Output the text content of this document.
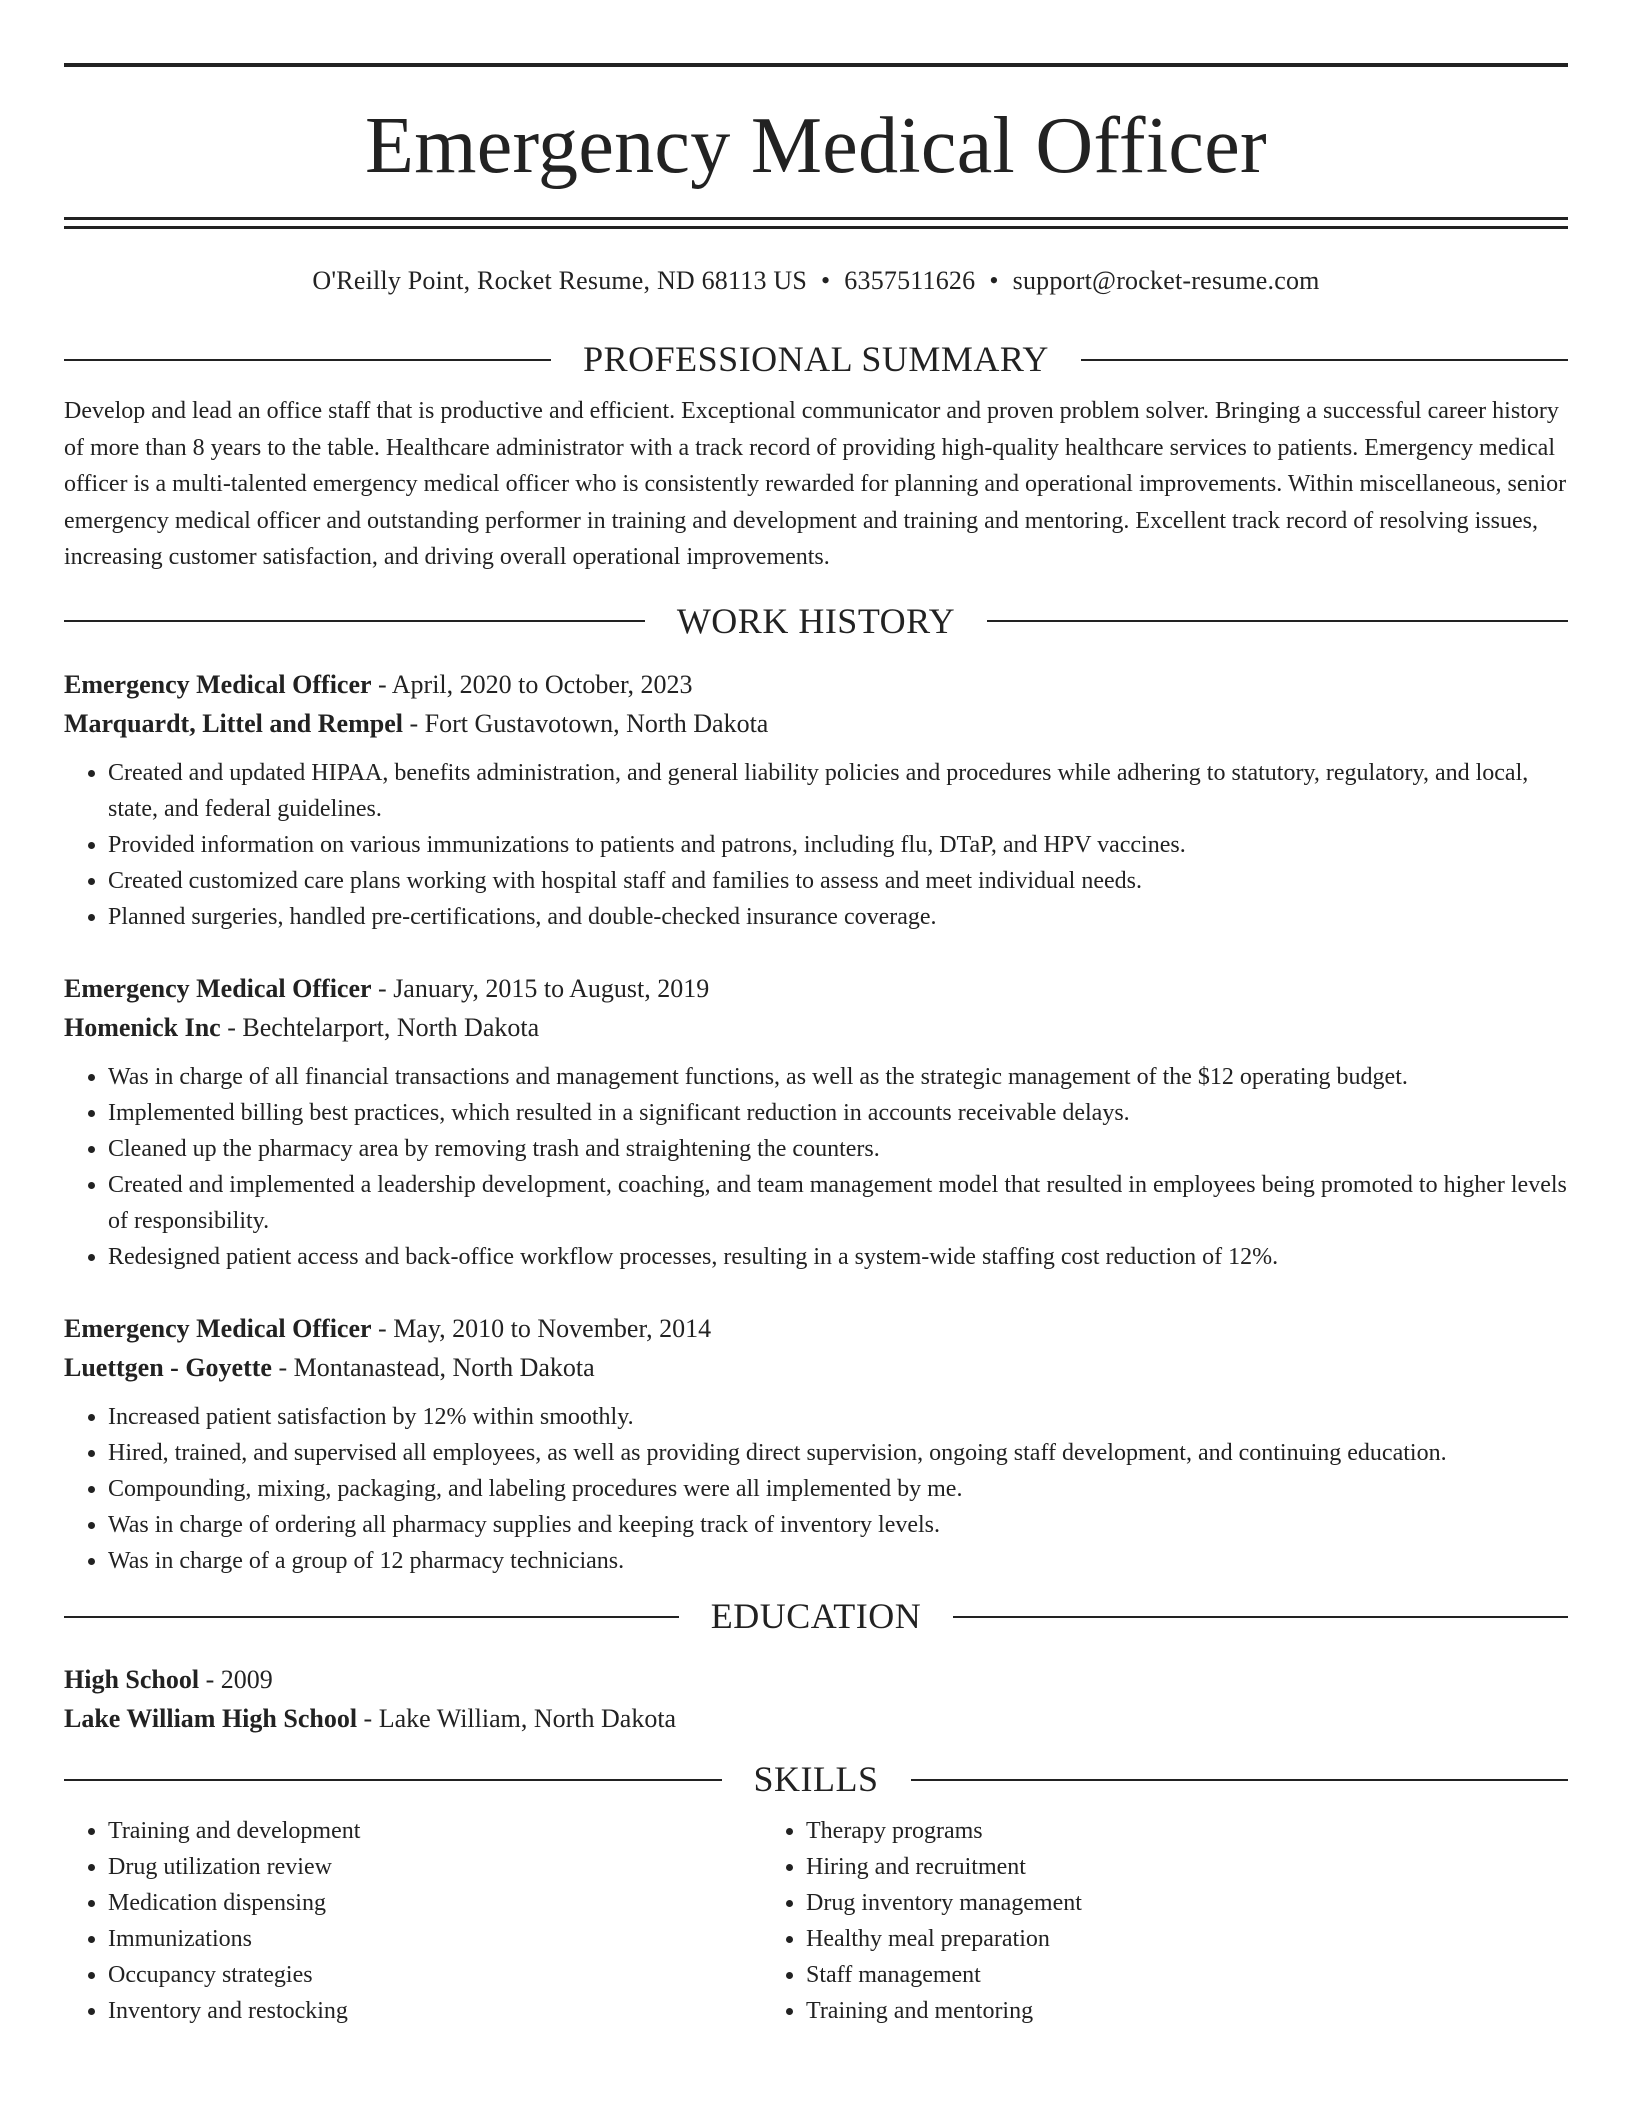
Emergency Medical Officer
O'Reilly Point, Rocket Resume, ND 68113 US • 6357511626 • support@rocket-resume.com
PROFESSIONAL SUMMARY

Develop and lead an office staff that is productive and efficient. Exceptional communicator and proven problem solver. Bringing a successful career history of more than 8 years to the table. Healthcare administrator with a track record of providing high-quality healthcare services to patients. Emergency medical officer is a multi-talented emergency medical officer who is consistently rewarded for planning and operational improvements. Within miscellaneous, senior emergency medical officer and outstanding performer in training and development and training and mentoring. Excellent track record of resolving issues, increasing customer satisfaction, and driving overall operational improvements.

WORK HISTORY
Emergency Medical Officer - April, 2020 to October, 2023
Marquardt, Littel and Rempel - Fort Gustavotown, North Dakota
• Created and updated HIPAA, benefits administration, and general liability policies and procedures while adhering to statutory, regulatory, and local, state, and federal guidelines.
• Provided information on various immunizations to patients and patrons, including flu, DTaP, and HPV vaccines.
• Created customized care plans working with hospital staff and families to assess and meet individual needs.
• Planned surgeries, handled pre-certifications, and double-checked insurance coverage.
Emergency Medical Officer - January, 2015 to August, 2019
Homenick Inc - Bechtelarport, North Dakota
• Was in charge of all financial transactions and management functions, as well as the strategic management of the $12 operating budget.
• Implemented billing best practices, which resulted in a significant reduction in accounts receivable delays.
• Cleaned up the pharmacy area by removing trash and straightening the counters.
• Created and implemented a leadership development, coaching, and team management model that resulted in employees being promoted to higher levels of responsibility.
• Redesigned patient access and back-office workflow processes, resulting in a system-wide staffing cost reduction of 12%.
Emergency Medical Officer - May, 2010 to November, 2014
Luettgen - Goyette - Montanastead, North Dakota
• Increased patient satisfaction by 12% within smoothly.
• Hired, trained, and supervised all employees, as well as providing direct supervision, ongoing staff development, and continuing education.
• Compounding, mixing, packaging, and labeling procedures were all implemented by me.
• Was in charge of ordering all pharmacy supplies and keeping track of inventory levels.
• Was in charge of a group of 12 pharmacy technicians.
EDUCATION
High School - 2009
Lake William High School - Lake William, North Dakota
SKILLS
• Training and development
• Drug utilization review
• Medication dispensing
• Immunizations
• Occupancy strategies
• Inventory and restocking
• Therapy programs
• Hiring and recruitment
• Drug inventory management
• Healthy meal preparation
• Staff management
• Training and mentoring
